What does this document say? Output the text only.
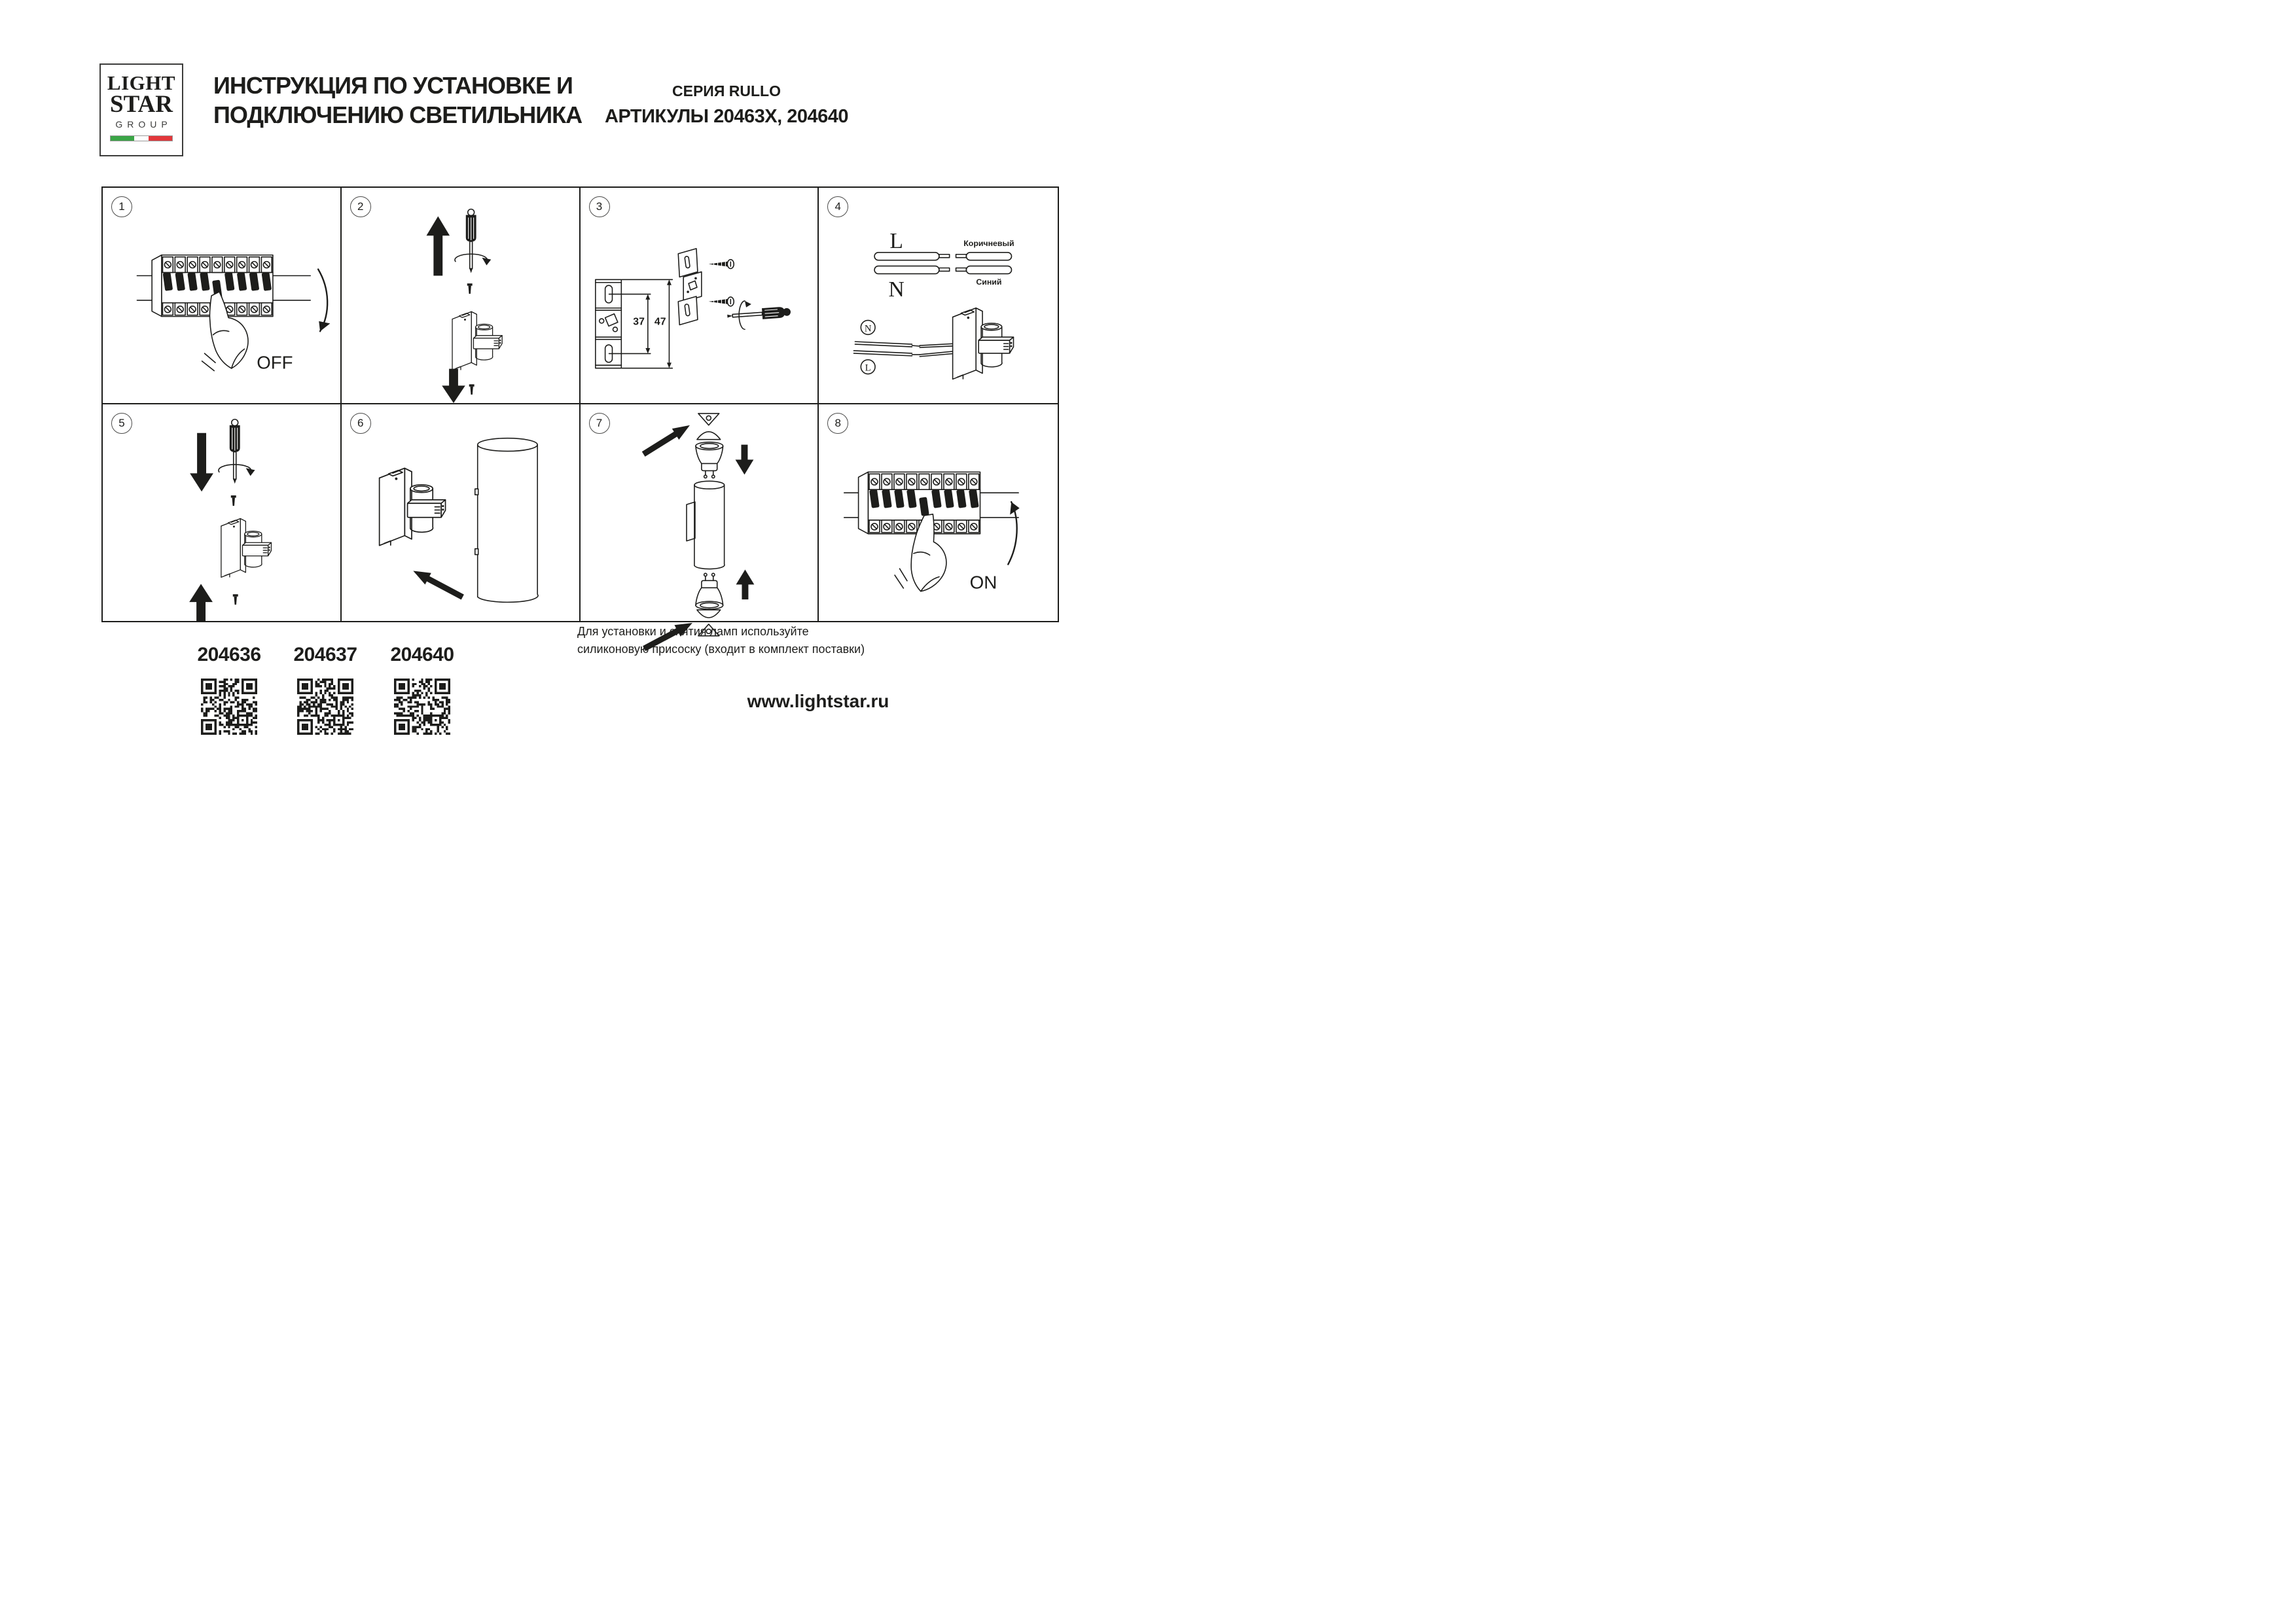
LIGHT
STAR
GROUP
ИНСТРУКЦИЯ ПО УСТАНОВКЕ И
ПОДКЛЮЧЕНИЮ СВЕТИЛЬНИКА
СЕРИЯ RULLO
АРТИКУЛЫ 20463X, 204640
1
OFF
2	3
37 47
4
L	Коричневый
Синий
N
N
L
5	6	7	8
ON
204636	204637	204640
Для установки и снятия ламп используйте
силиконовую присоску (входит в комплект поставки)
www.lightstar.ru
